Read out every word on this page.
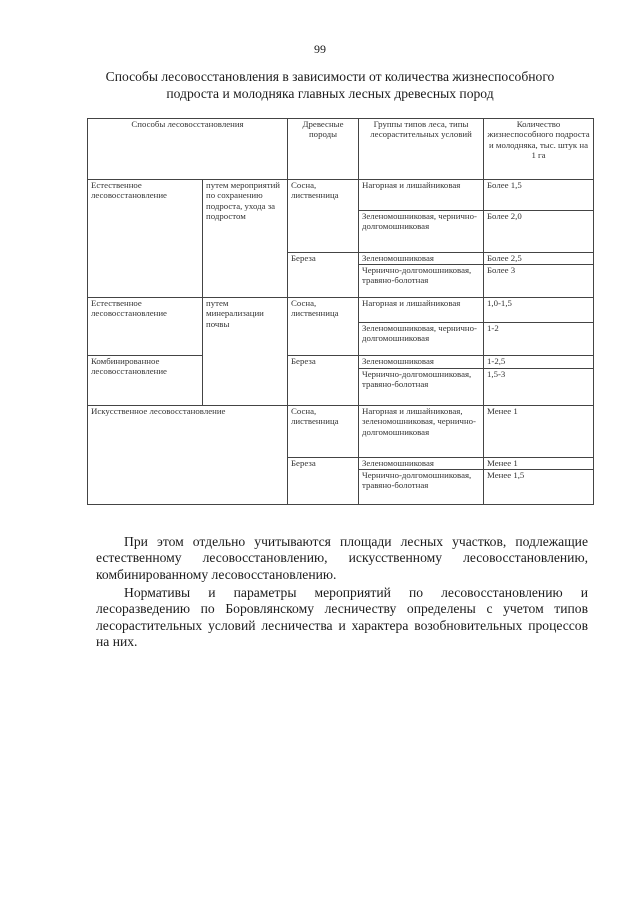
99
Способы лесовосстановления в зависимости от количества жизнеспособного
подроста и молодняка главных лесных древесных пород
Способы лесовосстановления		Древесные породы	Группы типов леса, типы лесорастительных условий	Количество жизнеспособного подроста и молодняка, тыс. штук на 1 га
Естественное лесовосстановление	путем мероприятий по сохранению подроста, ухода за подростом	Сосна, лиственница	Нагорная и лишайниковая	Более 1,5
			Зеленомошниковая, чернично-долгомошниковая	Более 2,0
		Береза	Зеленомошниковая	Более 2,5
			Чернично-долгомошниковая, травяно-болотная	Более 3
Естественное лесовосстановление	путем минерализации почвы	Сосна, лиственница	Нагорная и лишайниковая	1,0-1,5
			Зеленомошниковая, чернично-долгомошниковая	1-2
Комбинированное лесовосстановление		Береза	Зеленомошниковая	1-2,5
			Чернично-долгомошниковая, травяно-болотная	1,5-3
Искусственное лесовосстановление		Сосна, лиственница	Нагорная и лишайниковая, зеленомошниковая, чернично-долгомошниковая	Менее 1
		Береза	Зеленомошниковая	Менее 1
			Чернично-долгомошниковая, травяно-болотная	Менее 1,5
При этом отдельно учитываются площади лесных участков, подлежащие естественному лесовосстановлению, искусственному лесовосстановлению, комбинированному лесовосстановлению.
Нормативы и параметры мероприятий по лесовосстановлению и лесоразведению по Боровлянскому лесничеству определены с учетом типов лесорастительных условий лесничества и характера возобновительных процессов на них.
